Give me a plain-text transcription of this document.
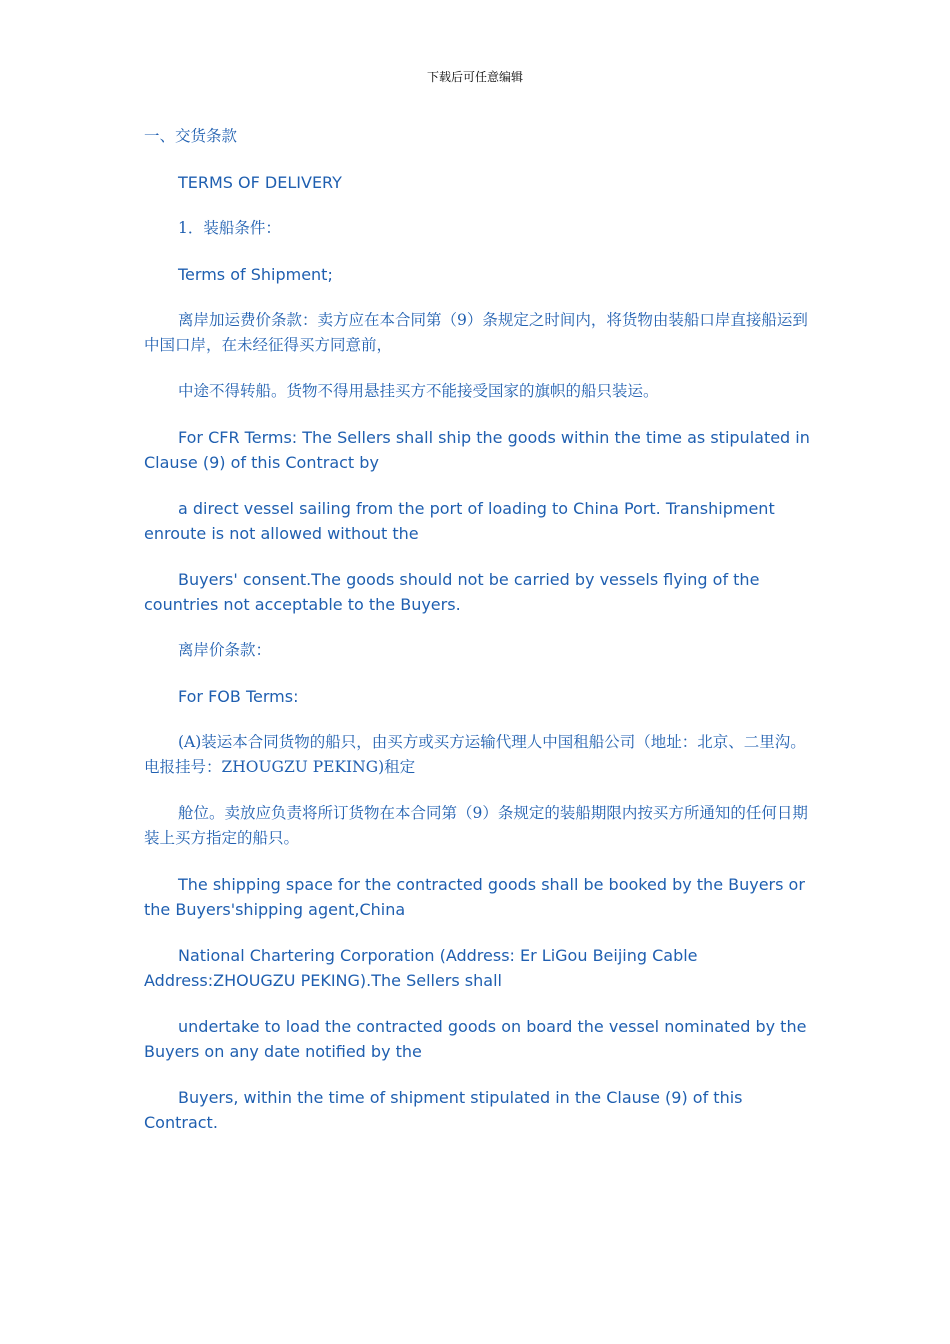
下载后可任意编辑

一、交货条款

TERMS OF DELIVERY

1．装船条件：

Terms of Shipment;

离岸加运费价条款：卖方应在本合同第（9）条规定之时间内，将货物由装船口岸直接船运到中国口岸，在未经征得买方同意前，

中途不得转船。货物不得用悬挂买方不能接受国家的旗帜的船只装运。

For CFR Terms: The Sellers shall ship the goods within the time as stipulated in Clause (9) of this Contract by

a direct vessel sailing from the port of loading to China Port. Transhipment enroute is not allowed without the

Buyers' consent.The goods should not be carried by vessels flying of the countries not acceptable to the Buyers.

离岸价条款：

For FOB Terms:

(A)装运本合同货物的船只，由买方或买方运输代理人中国租船公司（地址：北京、二里沟。电报挂号：ZHOUGZU PEKING)租定

舱位。卖放应负责将所订货物在本合同第（9）条规定的装船期限内按买方所通知的任何日期装上买方指定的船只。

The shipping space for the contracted goods shall be booked by the Buyers or the Buyers'shipping agent,China

National Chartering Corporation (Address: Er LiGou Beijing Cable Address:ZHOUGZU PEKING).The Sellers shall

undertake to load the contracted goods on board the vessel nominated by the Buyers on any date notified by the

Buyers, within the time of shipment stipulated in the Clause (9) of this Contract.
